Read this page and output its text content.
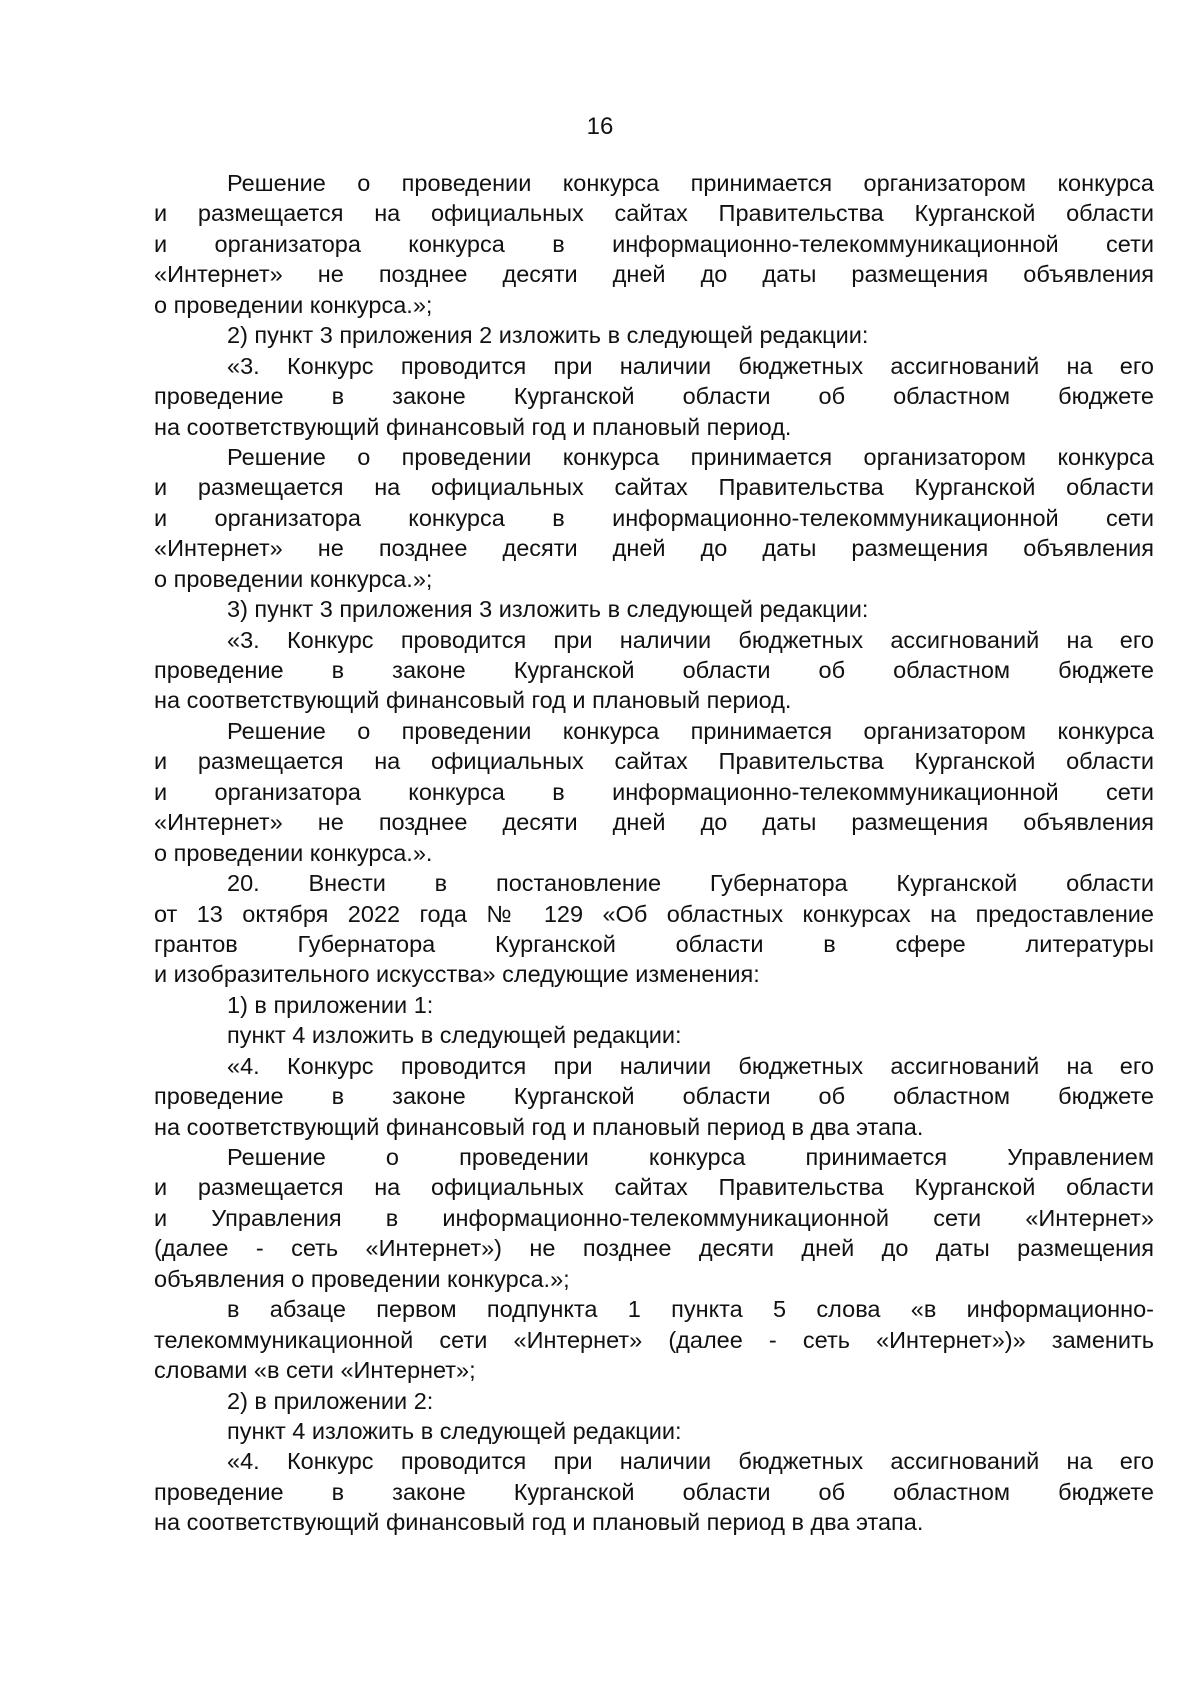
16
Решение о проведении конкурса принимается организатором конкурса
и размещается на официальных сайтах Правительства Курганской области
и организатора конкурса в информационно-телекоммуникационной сети
«Интернет» не позднее десяти дней до даты размещения объявления
о проведении конкурса.»;
2) пункт 3 приложения 2 изложить в следующей редакции:
«3. Конкурс проводится при наличии бюджетных ассигнований на его
проведение в законе Курганской области об областном бюджете
на соответствующий финансовый год и плановый период.
Решение о проведении конкурса принимается организатором конкурса
и размещается на официальных сайтах Правительства Курганской области
и организатора конкурса в информационно-телекоммуникационной сети
«Интернет» не позднее десяти дней до даты размещения объявления
о проведении конкурса.»;
3) пункт 3 приложения 3 изложить в следующей редакции:
«3. Конкурс проводится при наличии бюджетных ассигнований на его
проведение в законе Курганской области об областном бюджете
на соответствующий финансовый год и плановый период.
Решение о проведении конкурса принимается организатором конкурса
и размещается на официальных сайтах Правительства Курганской области
и организатора конкурса в информационно-телекоммуникационной сети
«Интернет» не позднее десяти дней до даты размещения объявления
о проведении конкурса.».
20. Внести в постановление Губернатора Курганской области
от 13 октября 2022 года № 129 «Об областных конкурсах на предоставление
грантов Губернатора Курганской области в сфере литературы
и изобразительного искусства» следующие изменения:
1) в приложении 1:
пункт 4 изложить в следующей редакции:
«4. Конкурс проводится при наличии бюджетных ассигнований на его
проведение в законе Курганской области об областном бюджете
на соответствующий финансовый год и плановый период в два этапа.
Решение о проведении конкурса принимается Управлением
и размещается на официальных сайтах Правительства Курганской области
и Управления в информационно-телекоммуникационной сети «Интернет»
(далее - сеть «Интернет») не позднее десяти дней до даты размещения
объявления о проведении конкурса.»;
в абзаце первом подпункта 1 пункта 5 слова «в информационно-
телекоммуникационной сети «Интернет» (далее - сеть «Интернет»)» заменить
словами «в сети «Интернет»;
2) в приложении 2:
пункт 4 изложить в следующей редакции:
«4. Конкурс проводится при наличии бюджетных ассигнований на его
проведение в законе Курганской области об областном бюджете
на соответствующий финансовый год и плановый период в два этапа.
